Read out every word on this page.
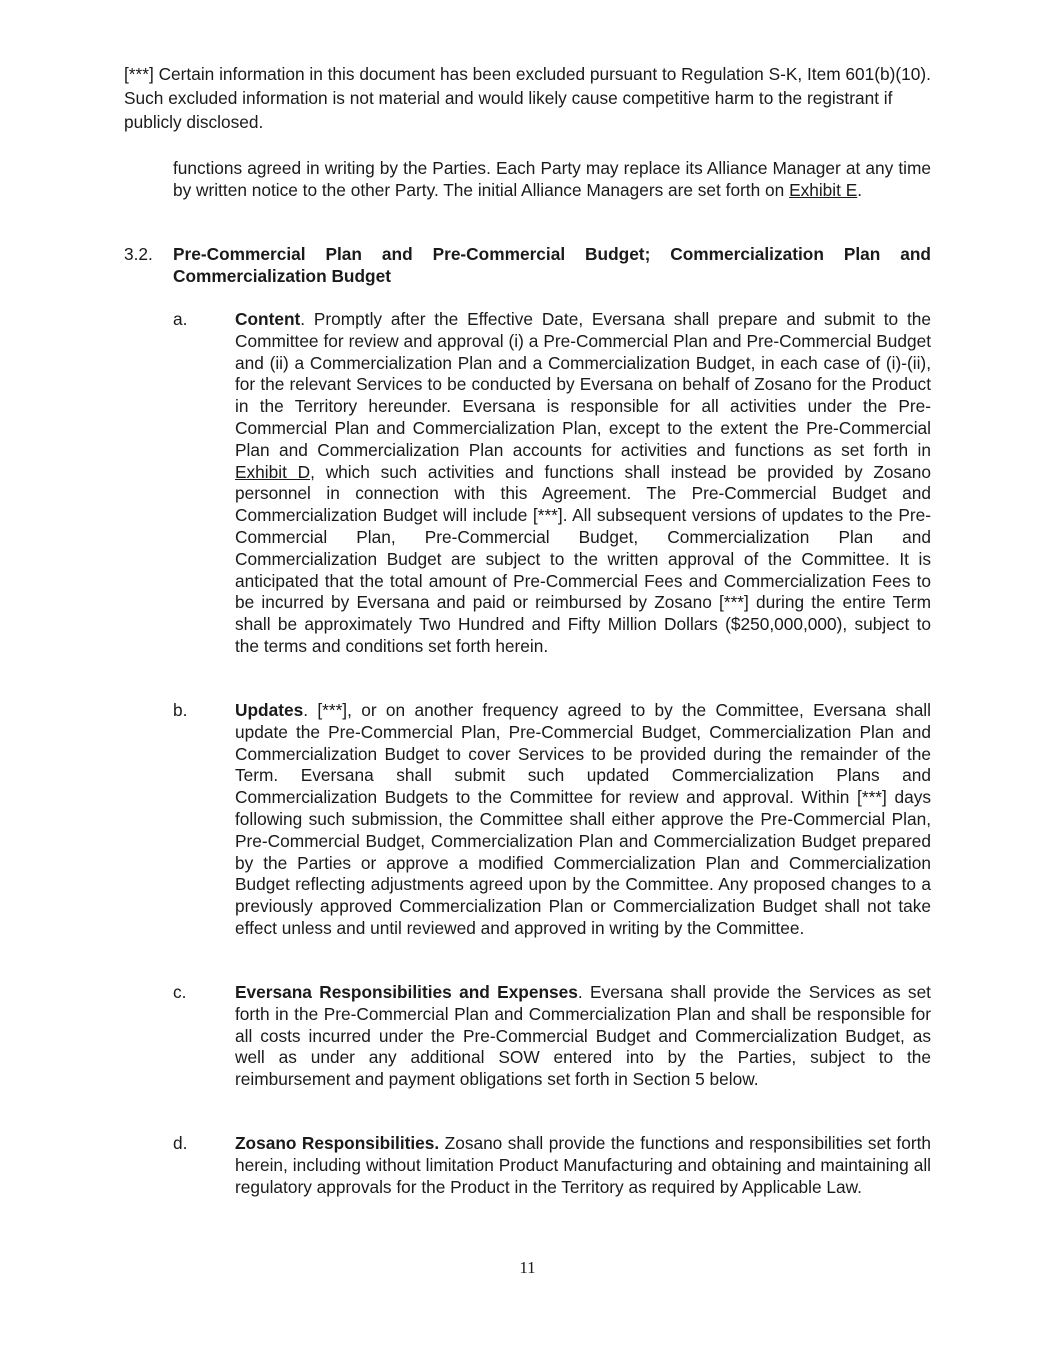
[***] Certain information in this document has been excluded pursuant to Regulation S-K, Item 601(b)(10). Such excluded information is not material and would likely cause competitive harm to the registrant if publicly disclosed.
functions agreed in writing by the Parties. Each Party may replace its Alliance Manager at any time by written notice to the other Party. The initial Alliance Managers are set forth on Exhibit E.
3.2. Pre-Commercial Plan and Pre-Commercial Budget; Commercialization Plan and Commercialization Budget
a.	Content. Promptly after the Effective Date, Eversana shall prepare and submit to the Committee for review and approval (i) a Pre-Commercial Plan and Pre-Commercial Budget and (ii) a Commercialization Plan and a Commercialization Budget, in each case of (i)-(ii), for the relevant Services to be conducted by Eversana on behalf of Zosano for the Product in the Territory hereunder. Eversana is responsible for all activities under the Pre-Commercial Plan and Commercialization Plan, except to the extent the Pre-Commercial Plan and Commercialization Plan accounts for activities and functions as set forth in Exhibit D, which such activities and functions shall instead be provided by Zosano personnel in connection with this Agreement. The Pre-Commercial Budget and Commercialization Budget will include [***]. All subsequent versions of updates to the Pre-Commercial Plan, Pre-Commercial Budget, Commercialization Plan and Commercialization Budget are subject to the written approval of the Committee. It is anticipated that the total amount of Pre-Commercial Fees and Commercialization Fees to be incurred by Eversana and paid or reimbursed by Zosano [***] during the entire Term shall be approximately Two Hundred and Fifty Million Dollars ($250,000,000), subject to the terms and conditions set forth herein.
b.	Updates. [***], or on another frequency agreed to by the Committee, Eversana shall update the Pre-Commercial Plan, Pre-Commercial Budget, Commercialization Plan and Commercialization Budget to cover Services to be provided during the remainder of the Term. Eversana shall submit such updated Commercialization Plans and Commercialization Budgets to the Committee for review and approval. Within [***] days following such submission, the Committee shall either approve the Pre-Commercial Plan, Pre-Commercial Budget, Commercialization Plan and Commercialization Budget prepared by the Parties or approve a modified Commercialization Plan and Commercialization Budget reflecting adjustments agreed upon by the Committee. Any proposed changes to a previously approved Commercialization Plan or Commercialization Budget shall not take effect unless and until reviewed and approved in writing by the Committee.
c.	Eversana Responsibilities and Expenses. Eversana shall provide the Services as set forth in the Pre-Commercial Plan and Commercialization Plan and shall be responsible for all costs incurred under the Pre-Commercial Budget and Commercialization Budget, as well as under any additional SOW entered into by the Parties, subject to the reimbursement and payment obligations set forth in Section 5 below.
d.	Zosano Responsibilities. Zosano shall provide the functions and responsibilities set forth herein, including without limitation Product Manufacturing and obtaining and maintaining all regulatory approvals for the Product in the Territory as required by Applicable Law.
11
